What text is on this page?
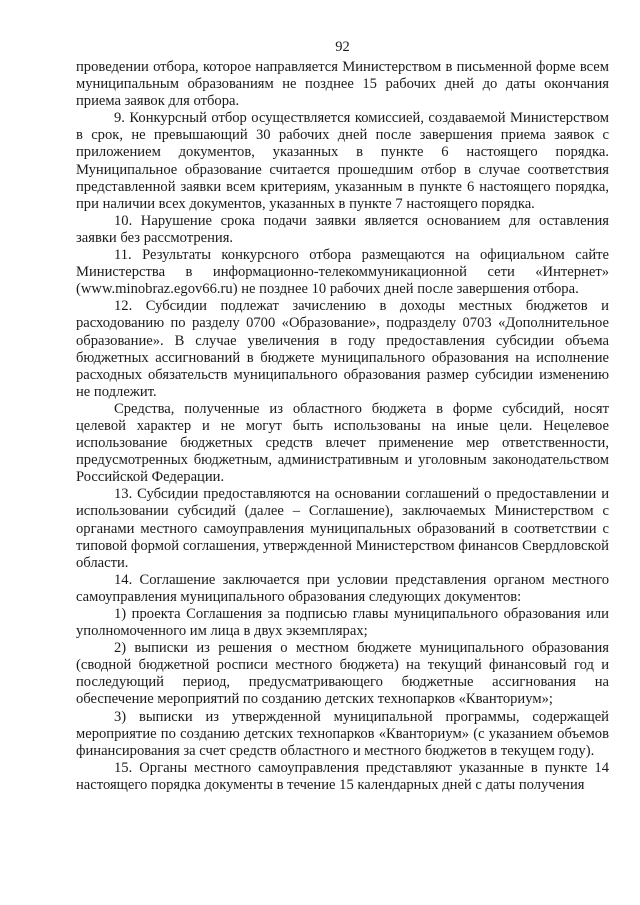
92

проведении отбора, которое направляется Министерством в письменной форме всем муниципальным образованиям не позднее 15 рабочих дней до даты окончания приема заявок для отбора.

9. Конкурсный отбор осуществляется комиссией, создаваемой Министерством в срок, не превышающий 30 рабочих дней после завершения приема заявок с приложением документов, указанных в пункте 6 настоящего порядка. Муниципальное образование считается прошедшим отбор в случае соответствия представленной заявки всем критериям, указанным в пункте 6 настоящего порядка, при наличии всех документов, указанных в пункте 7 настоящего порядка.

10. Нарушение срока подачи заявки является основанием для оставления заявки без рассмотрения.

11. Результаты конкурсного отбора размещаются на официальном сайте Министерства в информационно-телекоммуникационной сети «Интернет» (www.minobraz.egov66.ru) не позднее 10 рабочих дней после завершения отбора.

12. Субсидии подлежат зачислению в доходы местных бюджетов и расходованию по разделу 0700 «Образование», подразделу 0703 «Дополнительное образование». В случае увеличения в году предоставления субсидии объема бюджетных ассигнований в бюджете муниципального образования на исполнение расходных обязательств муниципального образования размер субсидии изменению не подлежит.

Средства, полученные из областного бюджета в форме субсидий, носят целевой характер и не могут быть использованы на иные цели. Нецелевое использование бюджетных средств влечет применение мер ответственности, предусмотренных бюджетным, административным и уголовным законодательством Российской Федерации.

13. Субсидии предоставляются на основании соглашений о предоставлении и использовании субсидий (далее – Соглашение), заключаемых Министерством с органами местного самоуправления муниципальных образований в соответствии с типовой формой соглашения, утвержденной Министерством финансов Свердловской области.

14. Соглашение заключается при условии представления органом местного самоуправления муниципального образования следующих документов:

1) проекта Соглашения за подписью главы муниципального образования или уполномоченного им лица в двух экземплярах;

2) выписки из решения о местном бюджете муниципального образования (сводной бюджетной росписи местного бюджета) на текущий финансовый год и последующий период, предусматривающего бюджетные ассигнования на обеспечение мероприятий по созданию детских технопарков «Кванториум»;

3) выписки из утвержденной муниципальной программы, содержащей мероприятие по созданию детских технопарков «Кванториум» (с указанием объемов финансирования за счет средств областного и местного бюджетов в текущем году).

15. Органы местного самоуправления представляют указанные в пункте 14 настоящего порядка документы в течение 15 календарных дней с даты получения
